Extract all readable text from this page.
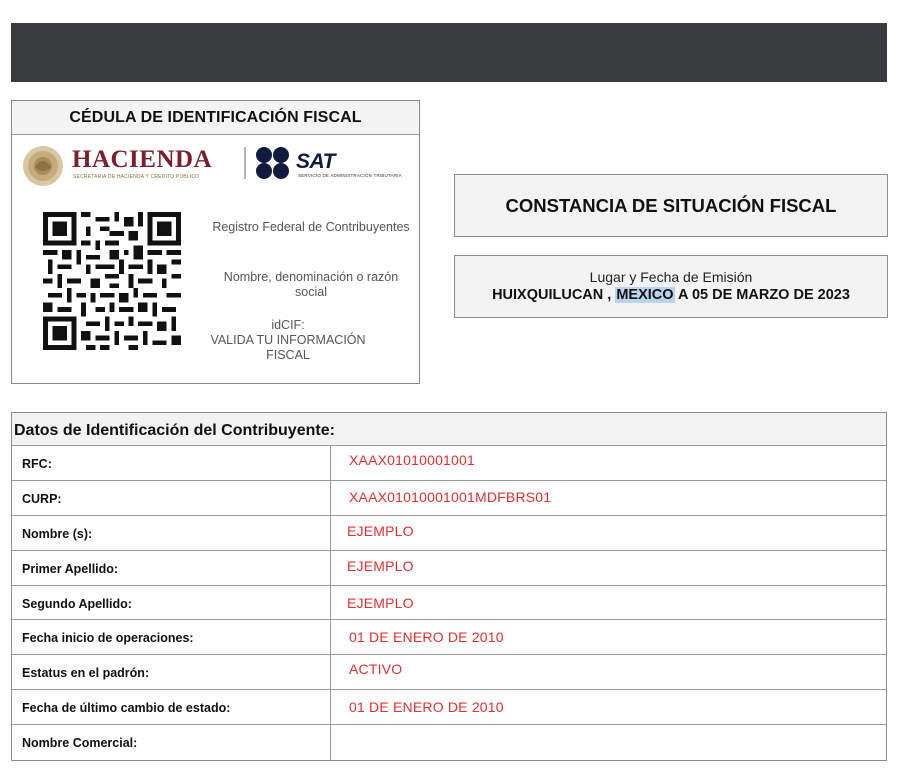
CÉDULA DE IDENTIFICACIÓN FISCAL
HACIENDA
SECRETARÍA DE HACIENDA Y CRÉDITO PÚBLICO
SAT
SERVICIO DE ADMINISTRACIÓN TRIBUTARIA
Registro Federal de Contribuyentes
Nombre, denominación o razón social
idCIF:
VALIDA TU INFORMACIÓN FISCAL
CONSTANCIA DE SITUACIÓN FISCAL
Lugar y Fecha de Emisión
HUIXQUILUCAN , MEXICO A 05 DE MARZO DE 2023
Datos de Identificación del Contribuyente:
RFC:	XAAX01010001001
CURP:	XAAX01010001001MDFBRS01
Nombre (s):	EJEMPLO
Primer Apellido:	EJEMPLO
Segundo Apellido:	EJEMPLO
Fecha inicio de operaciones:	01 DE ENERO DE 2010
Estatus en el padrón:	ACTIVO
Fecha de último cambio de estado:	01 DE ENERO DE 2010
Nombre Comercial:
